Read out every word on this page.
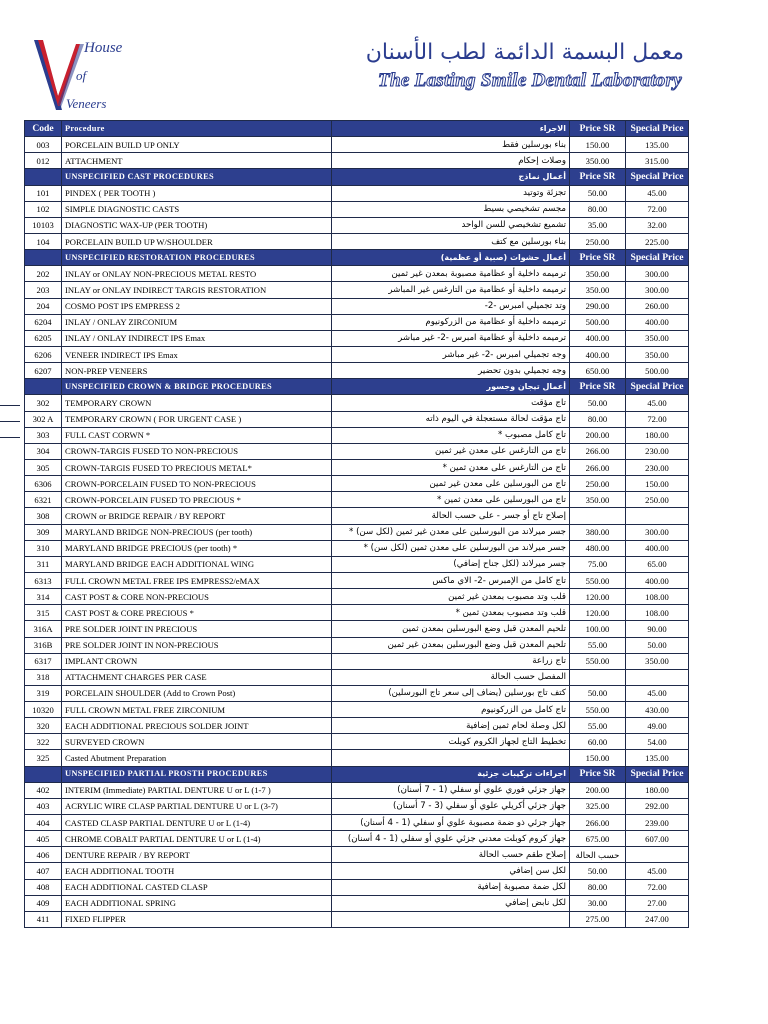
House
of
Veneers
معمل البسمة الدائمة لطب الأسنان
The Lasting Smile Dental Laboratory
Code	Procedure	الاجراء	Price SR	Special Price
003	PORCELAIN BUILD UP ONLY	بناء بورسلين فقط	150.00	135.00
012	ATTACHMENT	وصلات إحكام	350.00	315.00
	UNSPECIFIED CAST PROCEDURES	أعمال نماذج	Price SR	Special Price
101	PINDEX ( PER TOOTH )	تجزئة وتوتيد	50.00	45.00
102	SIMPLE DIAGNOSTIC CASTS	مجسم تشخيصي بسيط	80.00	72.00
10103	DIAGNOSTIC WAX-UP (PER TOOTH)	تشميع تشخيصي للسن الواحد	35.00	32.00
104	PORCELAIN BUILD UP W/SHOULDER	بناء بورسلين مع كتف	250.00	225.00
	UNSPECIFIED RESTORATION PROCEDURES	أعمال حشوات (صبية أو عظمية)	Price SR	Special Price
202	INLAY or ONLAY NON-PRECIOUS METAL RESTO	ترميمه داخلية أو عظامية مصبوبة بمعدن غير ثمين	350.00	300.00
203	INLAY or ONLAY INDIRECT TARGIS RESTORATION	ترميمه داخلية أو عظامية من التارغس غير المباشر	350.00	300.00
204	COSMO POST IPS EMPRESS 2	وتد تجميلي امبرس -2-	290.00	260.00
6204	INLAY / ONLAY ZIRCONIUM	ترميمه داخلية أو عظامية من الزركونيوم	500.00	400.00
6205	INLAY / ONLAY INDIRECT IPS Emax	ترميمه داخلية أو عظامية امبرس -2- غير مباشر	400.00	350.00
6206	VENEER INDIRECT IPS Emax	وجه تجميلي امبرس -2- غير مباشر	400.00	350.00
6207	NON-PREP VENEERS	وجه تجميلي بدون تحضير	650.00	500.00
	UNSPECIFIED CROWN & BRIDGE PROCEDURES	أعمال تيجان وجسور	Price SR	Special Price
302	TEMPORARY CROWN	تاج مؤقت	50.00	45.00
302 A	TEMPORARY CROWN ( FOR URGENT CASE )	تاج مؤقت لحالة مستعجلة في اليوم ذاته	80.00	72.00
303	FULL CAST CORWN *	تاج كامل مصبوب *	200.00	180.00
304	CROWN-TARGIS FUSED TO NON-PRECIOUS	تاج من التارغس على معدن غير ثمين	266.00	230.00
305	CROWN-TARGIS FUSED TO PRECIOUS METAL*	تاج من التارغس على معدن ثمين *	266.00	230.00
6306	CROWN-PORCELAIN FUSED TO NON-PRECIOUS	تاج من البورسلين على معدن غير ثمين	250.00	150.00
6321	CROWN-PORCELAIN FUSED TO PRECIOUS *	تاج من البورسلين على معدن ثمين *	350.00	250.00
308	CROWN or BRIDGE REPAIR / BY REPORT	إصلاح تاج أو جسر - على حسب الحالة		
309	MARYLAND BRIDGE NON-PRECIOUS (per tooth)	جسر ميرلاند من البورسلين على معدن غير ثمين (لكل سن) *	380.00	300.00
310	MARYLAND BRIDGE PRECIOUS (per tooth) *	جسر ميرلاند من البورسلين على معدن ثمين (لكل سن) *	480.00	400.00
311	MARYLAND BRIDGE EACH ADDITIONAL WING	جسر ميرلاند (لكل جناح إضافي)	75.00	65.00
6313	FULL CROWN METAL FREE IPS EMPRESS2/eMAX	تاج كامل من الإمبرس -2- الاي ماكس	550.00	400.00
314	CAST POST & CORE NON-PRECIOUS	قلب وتد مصبوب بمعدن غير ثمين	120.00	108.00
315	CAST POST & CORE PRECIOUS *	قلب وتد مصبوب بمعدن ثمين *	120.00	108.00
316A	PRE SOLDER JOINT IN PRECIOUS	تلحيم المعدن قبل وضع البورسلين بمعدن ثمين	100.00	90.00
316B	PRE SOLDER JOINT IN NON-PRECIOUS	تلحيم المعدن قبل وضع البورسلين بمعدن غير ثمين	55.00	50.00
6317	IMPLANT CROWN	تاج زراعة	550.00	350.00
318	ATTACHMENT CHARGES PER CASE	المفصل حسب الحالة		
319	PORCELAIN SHOULDER (Add to Crown Post)	كتف تاج بورسلين (يضاف إلى سعر تاج البورسلين)	50.00	45.00
10320	FULL CROWN METAL FREE ZIRCONIUM	تاج كامل من الزركونيوم	550.00	430.00
320	EACH ADDITIONAL PRECIOUS SOLDER JOINT	لكل وصلة لحام ثمين إضافية	55.00	49.00
322	SURVEYED CROWN	تخطيط التاج لجهاز الكروم كوبلت	60.00	54.00
325	Casted Abutment Preparation		150.00	135.00
	UNSPECIFIED PARTIAL PROSTH PROCEDURES	اجراءات تركيبات جزئية	Price SR	Special Price
402	INTERIM (Immediate) PARTIAL DENTURE U or L (1-7 )	جهاز جزئي فوري علوي أو سفلي (1 - 7 أسنان)	200.00	180.00
403	ACRYLIC WIRE CLASP PARTIAL DENTURE U or L (3-7)	جهاز جزئي أكريلي علوي أو سفلي (3 - 7 أسنان)	325.00	292.00
404	CASTED CLASP PARTIAL DENTURE U or L (1-4)	جهاز جزئي ذو ضمة مصبوبة علوي أو سفلي (1 - 4 أسنان)	266.00	239.00
405	CHROME COBALT PARTIAL DENTURE U or L (1-4)	جهاز كروم كوبلت معدني جزئي علوي أو سفلي (1 - 4 أسنان)	675.00	607.00
406	DENTURE REPAIR / BY REPORT	إصلاح طقم حسب الحالة	حسب الحالة	
407	EACH ADDITIONAL TOOTH	لكل سن إضافي	50.00	45.00
408	EACH ADDITIONAL CASTED CLASP	لكل ضمة مصبوبة إضافية	80.00	72.00
409	EACH ADDITIONAL SPRING	لكل نابض إضافي	30.00	27.00
411	FIXED FLIPPER		275.00	247.00
